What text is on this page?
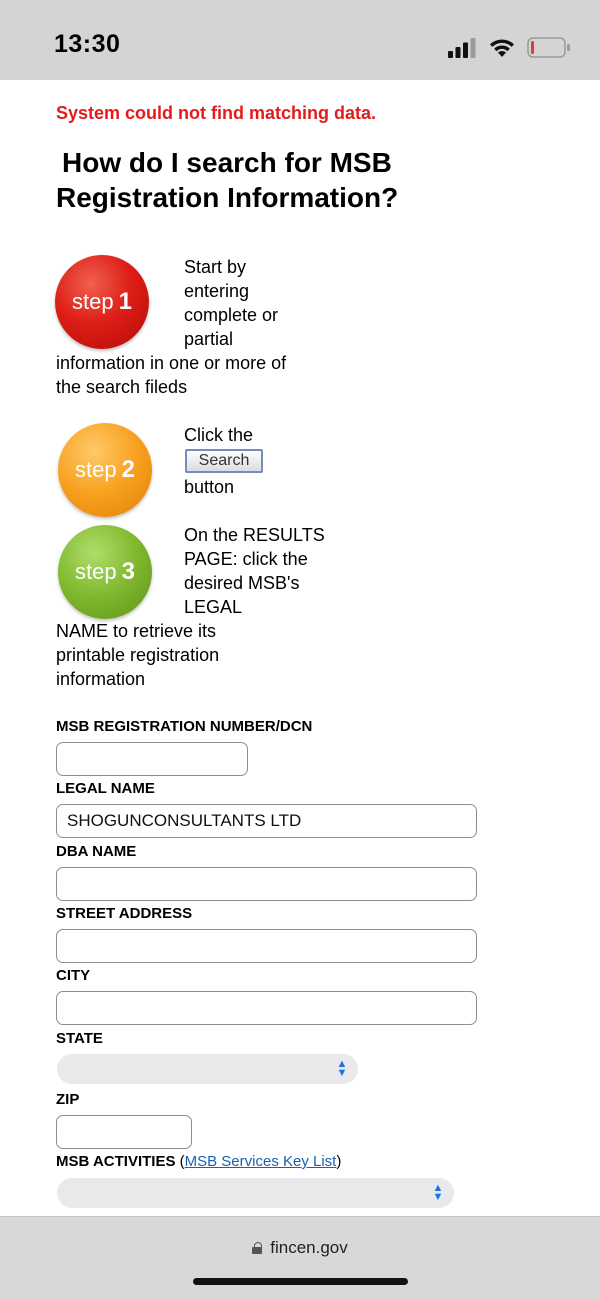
13:30
System could not find matching data.
How do I search for MSB
Registration Information?
step 1
Start by entering complete or partial
information in one or more of the search fileds
step 2
Click the
Search
button
step 3
On the RESULTS PAGE: click the desired MSB's LEGAL
NAME to retrieve its printable registration information
MSB REGISTRATION NUMBER/DCN
LEGAL NAME
SHOGUNCONSULTANTS LTD
DBA NAME
STREET ADDRESS
CITY
STATE
▲
▼
ZIP
MSB ACTIVITIES (MSB Services Key List)
▲
▼
fincen.gov
